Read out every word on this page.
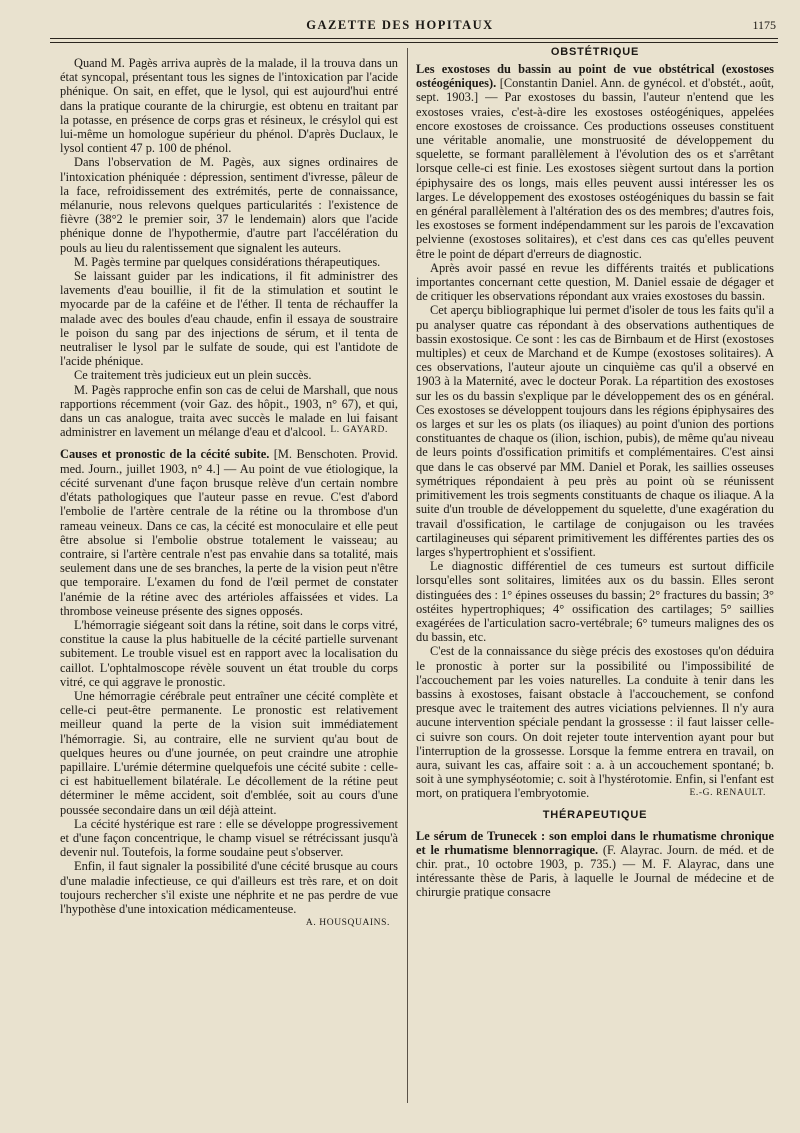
GAZETTE DES HOPITAUX	1175

Quand M. Pagès arriva auprès de la malade, il la trouva dans un état syncopal, présentant tous les signes de l'intoxication par l'acide phénique. On sait, en effet, que le lysol, qui est aujourd'hui entré dans la pratique courante de la chirurgie, est obtenu en traitant par la potasse, en présence de corps gras et résineux, le crésylol qui est lui-même un homologue supérieur du phénol. D'après Duclaux, le lysol contient 47 p. 100 de phénol.

Dans l'observation de M. Pagès, aux signes ordinaires de l'intoxication phéniquée : dépression, sentiment d'ivresse, pâleur de la face, refroidissement des extrémités, perte de connaissance, mélanurie, nous relevons quelques particularités : l'existence de fièvre (38°2 le premier soir, 37 le lendemain) alors que l'acide phénique donne de l'hypothermie, d'autre part l'accélération du pouls au lieu du ralentissement que signalent les auteurs.

M. Pagès termine par quelques considérations thérapeutiques.

Se laissant guider par les indications, il fit administrer des lavements d'eau bouillie, il fit de la stimulation et soutint le myocarde par de la caféine et de l'éther. Il tenta de réchauffer la malade avec des boules d'eau chaude, enfin il essaya de soustraire le poison du sang par des injections de sérum, et il tenta de neutraliser le lysol par le sulfate de soude, qui est l'antidote de l'acide phénique.

Ce traitement très judicieux eut un plein succès.

M. Pagès rapproche enfin son cas de celui de Marshall, que nous rapportions récemment (voir Gaz. des hôpit., 1903, n° 67), et qui, dans un cas analogue, traita avec succès le malade en lui faisant administrer en lavement un mélange d'eau et d'alcool. L. GAYARD.

Causes et pronostic de la cécité subite. [M. Benschoten. Provid. med. Journ., juillet 1903, n° 4.] — Au point de vue étiologique, la cécité survenant d'une façon brusque relève d'un certain nombre d'états pathologiques que l'auteur passe en revue. C'est d'abord l'embolie de l'artère centrale de la rétine ou la thrombose d'un rameau veineux. Dans ce cas, la cécité est monoculaire et elle peut être absolue si l'embolie obstrue totalement le vaisseau; au contraire, si l'artère centrale n'est pas envahie dans sa totalité, mais seulement dans une de ses branches, la perte de la vision peut n'être que temporaire. L'examen du fond de l'œil permet de constater l'anémie de la rétine avec des artérioles affaissées et vides. La thrombose veineuse présente des signes opposés.

L'hémorragie siégeant soit dans la rétine, soit dans le corps vitré, constitue la cause la plus habituelle de la cécité partielle survenant subitement. Le trouble visuel est en rapport avec la localisation du caillot. L'ophtalmoscope révèle souvent un état trouble du corps vitré, ce qui aggrave le pronostic.

Une hémorragie cérébrale peut entraîner une cécité complète et celle-ci peut-être permanente. Le pronostic est relativement meilleur quand la perte de la vision suit immédiatement l'hémorragie. Si, au contraire, elle ne survient qu'au bout de quelques heures ou d'une journée, on peut craindre une atrophie papillaire. L'urémie détermine quelquefois une cécité subite : celle-ci est habituellement bilatérale. Le décollement de la rétine peut déterminer le même accident, soit d'emblée, soit au cours d'une poussée secondaire dans un œil déjà atteint.

La cécité hystérique est rare : elle se développe progressivement et d'une façon concentrique, le champ visuel se rétrécissant jusqu'à devenir nul. Toutefois, la forme soudaine peut s'observer.

Enfin, il faut signaler la possibilité d'une cécité brusque au cours d'une maladie infectieuse, ce qui d'ailleurs est très rare, et on doit toujours rechercher s'il existe une néphrite et ne pas perdre de vue l'hypothèse d'une intoxication médicamenteuse.
A. HOUSQUAINS.

OBSTÉTRIQUE

Les exostoses du bassin au point de vue obstétrical (exostoses ostéogéniques). [Constantin Daniel. Ann. de gynécol. et d'obstét., août, sept. 1903.] — Par exostoses du bassin, l'auteur n'entend que les exostoses vraies, c'est-à-dire les exostoses ostéogéniques, appelées encore exostoses de croissance. Ces productions osseuses constituent une véritable anomalie, une monstruosité de développement du squelette, se formant parallèlement à l'évolution des os et s'arrêtant lorsque celle-ci est finie. Les exostoses siègent surtout dans la portion épiphysaire des os longs, mais elles peuvent aussi intéresser les os larges. Le développement des exostoses ostéogéniques du bassin se fait en général parallèlement à l'altération des os des membres; d'autres fois, les exostoses se forment indépendamment sur les parois de l'excavation pelvienne (exostoses solitaires), et c'est dans ces cas qu'elles peuvent être le point de départ d'erreurs de diagnostic.

Après avoir passé en revue les différents traités et publications importantes concernant cette question, M. Daniel essaie de dégager et de critiquer les observations répondant aux vraies exostoses du bassin.

Cet aperçu bibliographique lui permet d'isoler de tous les faits qu'il a pu analyser quatre cas répondant à des observations authentiques de bassin exostosique. Ce sont : les cas de Birnbaum et de Hirst (exostoses multiples) et ceux de Marchand et de Kumpe (exostoses solitaires). A ces observations, l'auteur ajoute un cinquième cas qu'il a observé en 1903 à la Maternité, avec le docteur Porak. La répartition des exostoses sur les os du bassin s'explique par le développement des os en général. Ces exostoses se développent toujours dans les régions épiphysaires des os larges et sur les os plats (os iliaques) au point d'union des portions constituantes de chaque os (ilion, ischion, pubis), de même qu'au niveau de leurs points d'ossification primitifs et complémentaires. C'est ainsi que dans le cas observé par MM. Daniel et Porak, les saillies osseuses symétriques répondaient à peu près au point où se réunissent primitivement les trois segments constituants de chaque os iliaque. A la suite d'un trouble de développement du squelette, d'une exagération du travail d'ossification, le cartilage de conjugaison ou les travées cartilagineuses qui séparent primitivement les différentes parties des os larges s'hypertrophient et s'ossifient.

Le diagnostic différentiel de ces tumeurs est surtout difficile lorsqu'elles sont solitaires, limitées aux os du bassin. Elles seront distinguées des : 1° épines osseuses du bassin; 2° fractures du bassin; 3° ostéites hypertrophiques; 4° ossification des cartilages; 5° saillies exagérées de l'articulation sacro-vertébrale; 6° tumeurs malignes des os du bassin, etc.

C'est de la connaissance du siège précis des exostoses qu'on déduira le pronostic à porter sur la possibilité ou l'impossibilité de l'accouchement par les voies naturelles. La conduite à tenir dans les bassins à exostoses, faisant obstacle à l'accouchement, se confond presque avec le traitement des autres viciations pelviennes. Il n'y aura aucune intervention spéciale pendant la grossesse : il faut laisser celle-ci suivre son cours. On doit rejeter toute intervention ayant pour but l'interruption de la grossesse. Lorsque la femme entrera en travail, on aura, suivant les cas, affaire soit : a. à un accouchement spontané; b. soit à une symphyséotomie; c. soit à l'hystérotomie. Enfin, si l'enfant est mort, on pratiquera l'embryotomie.	E.-G. RENAULT.

THÉRAPEUTIQUE

Le sérum de Trunecek : son emploi dans le rhumatisme chronique et le rhumatisme blennorragique. (F. Alayrac. Journ. de méd. et de chir. prat., 10 octobre 1903, p. 735.) — M. F. Alayrac, dans une intéressante thèse de Paris, à laquelle le Journal de médecine et de chirurgie pratique consacre
